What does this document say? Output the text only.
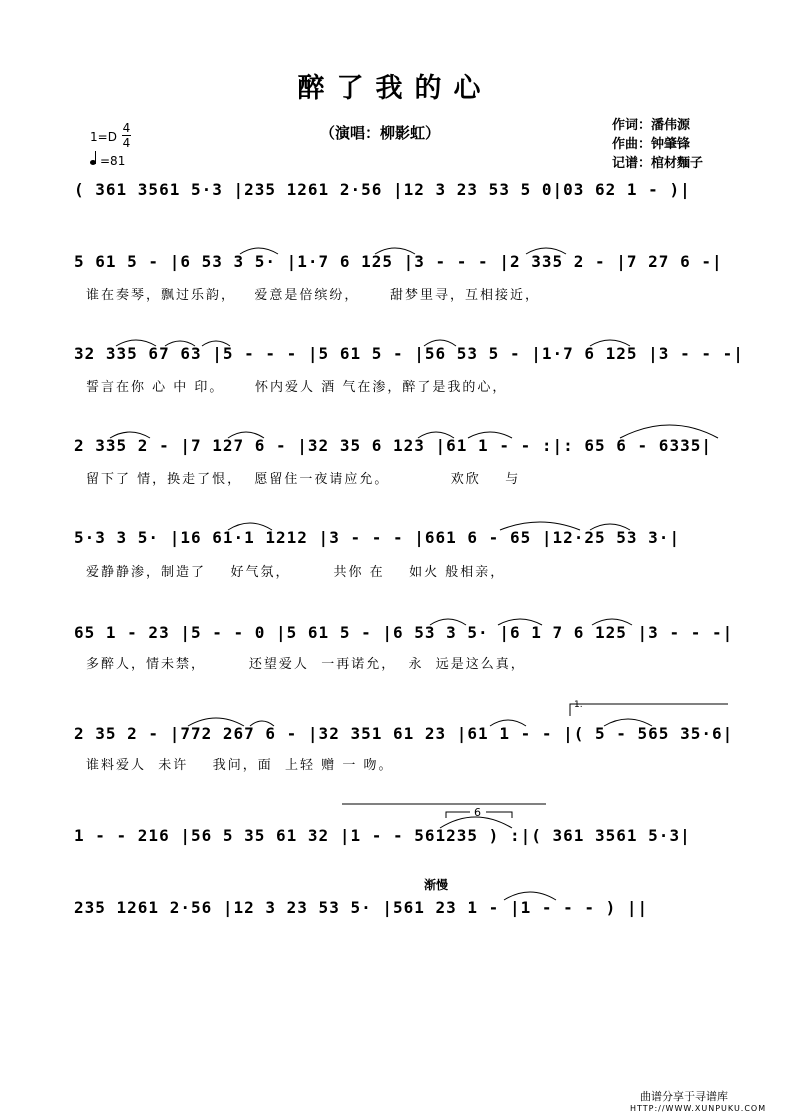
醉了我的心
（演唱：柳影虹）
1=D
4
4
=81
作词：潘伟源
作曲：钟肇锋
记谱：棺材麵子
( 361 3561 5·3 |235 1261 2·56 |12 3 23 53 5 0|03 62 1 - )|
5 61 5 - |6 53 3 5· |1·7 6 125 |3 - - - |2 335 2 - |7 27 6 -|
谁在奏琴，飘过乐韵，   爱意是倍缤纷，     甜梦里寻，互相接近，
32 335 67 63 |5 - - - |5 61 5 - |56 53 5 - |1·7 6 125 |3 - - -|
誓言在你 心 中 印。     怀内爱人 酒 气在渗，醉了是我的心，
2 335 2 - |7 127 6 - |32 35 6 123 |61 1 - - :|: 65 6 - 6335|
留下了 情，换走了恨，  愿留住一夜请应允。          欢欣    与
5·3 3 5· |16 61·1 1212 |3 - - - |661 6 - 65 |12·25 53 3·|
爱静静渗，制造了    好气氛，       共你 在    如火 般相亲，
65 1 - 23 |5 - - 0 |5 61 5 - |6 53 3 5· |6 1 7 6 125 |3 - - -|
多醉人，情未禁，       还望爱人  一再诺允，  永  远是这么真，
1.
2 35 2 - |772 267 6 - |32 351 61 23 |61 1 - - |( 5 - 565 35·6|
谁料爱人  未许    我问，面  上轻 赠 一 吻。
6
1 - - 216 |56 5 35 61 32 |1 - - 561235 ) :|( 361 3561 5·3|
渐慢
235 1261 2·56 |12 3 23 53 5· |561 23 1 - |1 - - - ) ||
曲谱分享于寻谱库
HTTP://WWW.XUNPUKU.COM
